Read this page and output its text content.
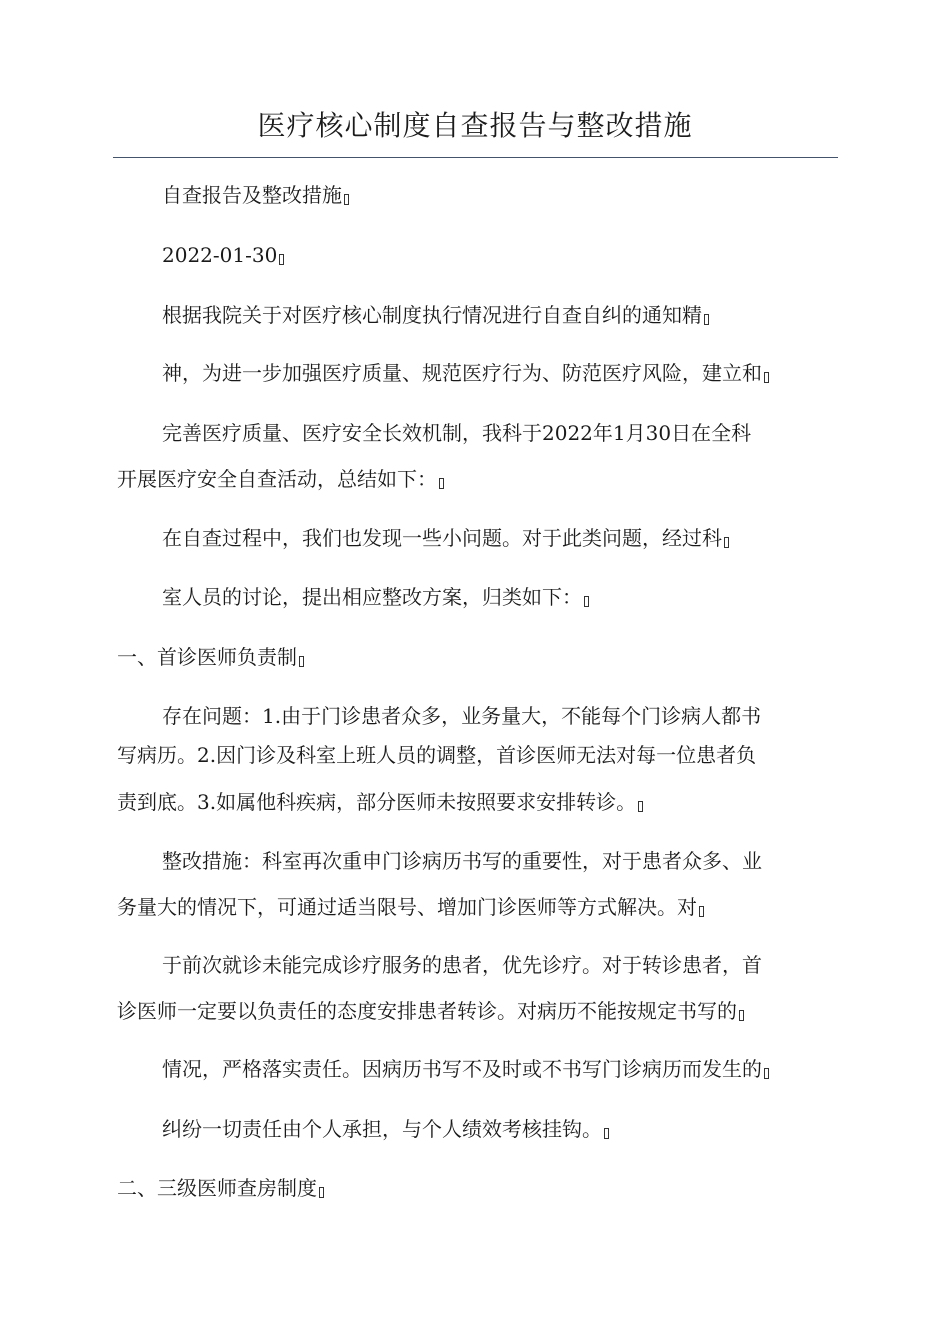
医疗核心制度自查报告与整改措施
自查报告及整改措施
2022-01-30
根据我院关于对医疗核心制度执行情况进行自查自纠的通知精
神，为进一步加强医疗质量、规范医疗行为、防范医疗风险，建立和
完善医疗质量、医疗安全长效机制，我科于2022年1月30日在全科
开展医疗安全自查活动，总结如下：
在自查过程中，我们也发现一些小问题。对于此类问题，经过科
室人员的讨论，提出相应整改方案，归类如下：
一、首诊医师负责制
存在问题：1.由于门诊患者众多，业务量大，不能每个门诊病人都书
写病历。2.因门诊及科室上班人员的调整，首诊医师无法对每一位患者负
责到底。3.如属他科疾病，部分医师未按照要求安排转诊。
整改措施：科室再次重申门诊病历书写的重要性，对于患者众多、业
务量大的情况下，可通过适当限号、增加门诊医师等方式解决。对
于前次就诊未能完成诊疗服务的患者，优先诊疗。对于转诊患者，首
诊医师一定要以负责任的态度安排患者转诊。对病历不能按规定书写的
情况，严格落实责任。因病历书写不及时或不书写门诊病历而发生的
纠纷一切责任由个人承担，与个人绩效考核挂钩。
二、三级医师查房制度
